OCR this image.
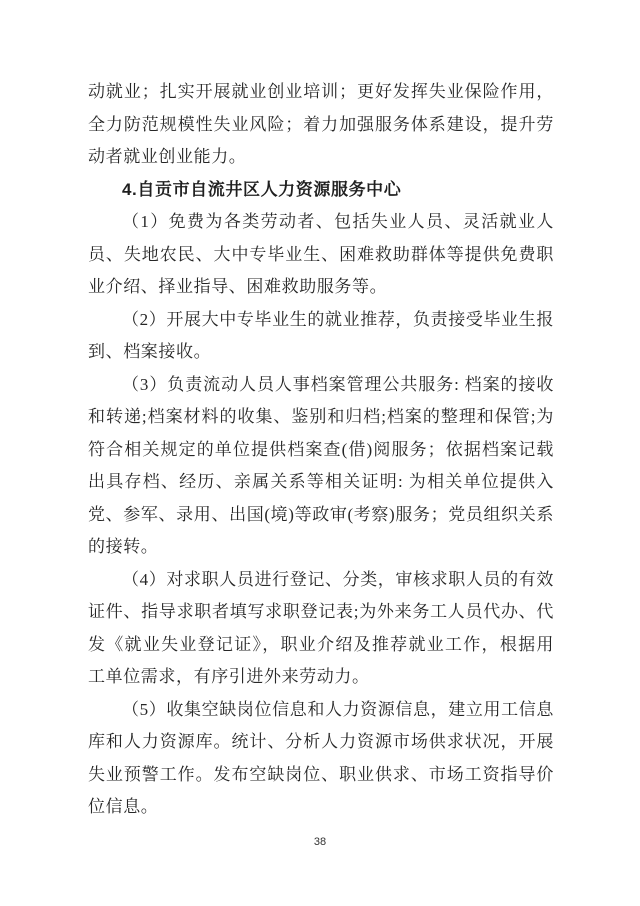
动就业；扎实开展就业创业培训；更好发挥失业保险作用，全力防范规模性失业风险；着力加强服务体系建设，提升劳动者就业创业能力。

4.自贡市自流井区人力资源服务中心

（1）免费为各类劳动者、包括失业人员、灵活就业人员、失地农民、大中专毕业生、困难救助群体等提供免费职业介绍、择业指导、困难救助服务等。

（2）开展大中专毕业生的就业推荐，负责接受毕业生报到、档案接收。

（3）负责流动人员人事档案管理公共服务: 档案的接收和转递;档案材料的收集、鉴别和归档;档案的整理和保管;为符合相关规定的单位提供档案查(借)阅服务；依据档案记载出具存档、经历、亲属关系等相关证明: 为相关单位提供入党、参军、录用、出国(境)等政审(考察)服务；党员组织关系的接转。

（4）对求职人员进行登记、分类，审核求职人员的有效证件、指导求职者填写求职登记表;为外来务工人员代办、代发《就业失业登记证》，职业介绍及推荐就业工作，根据用工单位需求，有序引进外来劳动力。

（5）收集空缺岗位信息和人力资源信息，建立用工信息库和人力资源库。统计、分析人力资源市场供求状况，开展失业预警工作。发布空缺岗位、职业供求、市场工资指导价位信息。

38
